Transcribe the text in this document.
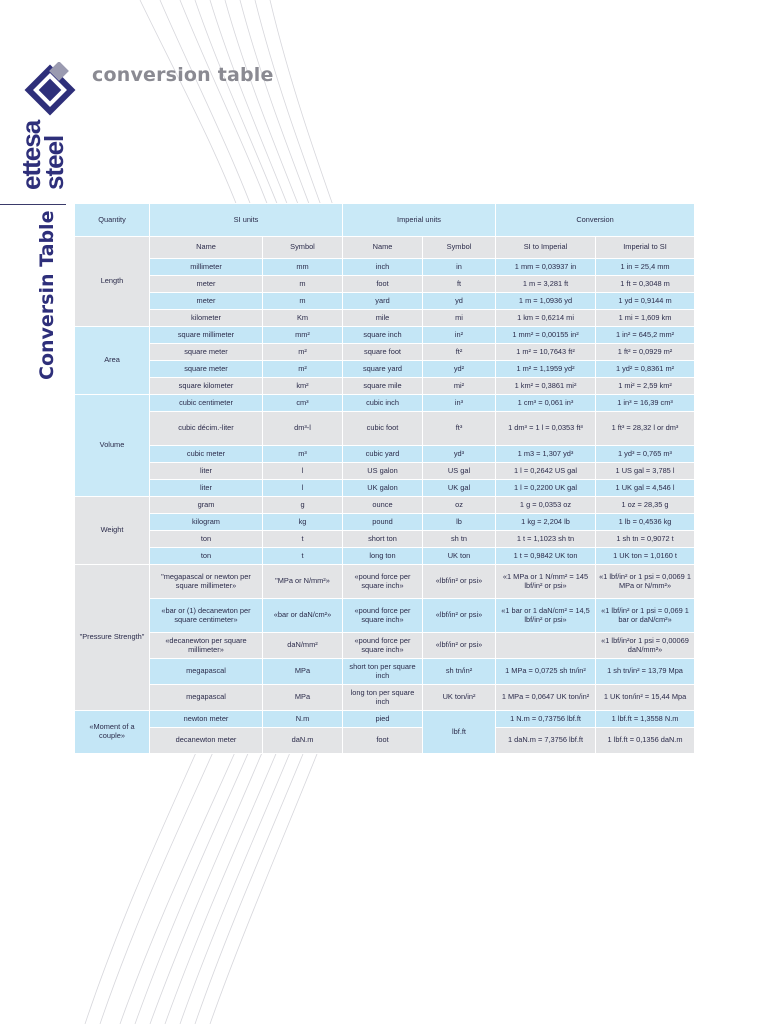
ettesa
steel
conversion table
Conversin Table	Quantity	SI units		Imperial units		Conversion	
Length	Name	Symbol	Name	Symbol	SI to Imperial	Imperial to SI
	millimeter	mm	inch	in	1 mm = 0,03937 in	1 in = 25,4 mm
	meter	m	foot	ft	1 m = 3,281 ft	1 ft = 0,3048 m
	meter	m	yard	yd	1 m = 1,0936 yd	1 yd = 0,9144 m
	kilometer	Km	mile	mi	1 km = 0,6214 mi	1 mi = 1,609 km
Area	square millimeter	mm²	square inch	in²	1 mm² = 0,00155 in²	1 in² = 645,2 mm²
	square meter	m²	square foot	ft²	1 m² = 10,7643 ft²	1 ft² = 0,0929 m²
	square meter	m²	square yard	yd²	1 m² = 1,1959 yd²	1 yd² = 0,8361 m²
	square kilometer	km²	square mile	mi²	1 km² = 0,3861 mi²	1 mi² = 2,59 km²
Volume	cubic centimeter	cm³	cubic inch	in³	1 cm³ = 0,061 in³	1 in³ = 16,39 cm³
	cubic décim.-liter	dm³-l	cubic foot	ft³	1 dm³ = 1 l = 0,0353 ft³	1 ft³ = 28,32 l or dm³
	cubic meter	m³	cubic yard	yd³	1 m3 = 1,307 yd³	1 yd³ = 0,765 m³
	liter	l	US galon	US gal	1 l = 0,2642 US gal	1 US gal = 3,785 l
	liter	l	UK galon	UK gal	1 l = 0,2200 UK gal	1 UK gal = 4,546 l
Weight	gram	g	ounce	oz	1 g = 0,0353 oz	1 oz = 28,35 g
	kilogram	kg	pound	lb	1 kg = 2,204 lb	1 lb = 0,4536 kg
	ton	t	short ton	sh tn	1 t = 1,1023 sh tn	1 sh tn = 0,9072 t
	ton	t	long ton	UK ton	1 t = 0,9842 UK ton	1 UK ton = 1,0160 t
"Pressure Strength"	"megapascal or newton per square millimeter»	"MPa or N/mm²»	«pound force per square inch»	«lbf/in² or psi»	«1 MPa or 1 N/mm² = 145 lbf/in² or psi»	«1 lbf/in² or 1 psi = 0,0069 1 MPa or N/mm²»
	«bar or (1) decanewton per square centimeter»	«bar or daN/cm²»	«pound force per square inch»	«lbf/in² or psi»	«1 bar or 1 daN/cm² = 14,5 lbf/in² or psi»	«1 lbf/in² or 1 psi = 0,069 1 bar or daN/cm²»
	«decanewton per square millimeter»	daN/mm²	«pound force per square inch»	«lbf/in² or psi»		«1 lbf/in²or 1 psi = 0,00069 daN/mm²»
	megapascal	MPa	short ton per square inch	sh tn/in²	1 MPa = 0,0725 sh tn/in²	1 sh tn/in² = 13,79 Mpa
	megapascal	MPa	long ton per square inch	UK ton/in²	1 MPa = 0,0647 UK ton/in²	1 UK ton/in² = 15,44 Mpa
«Moment of a couple»	newton meter	N.m	pied	lbf.ft	1 N.m = 0,73756 lbf.ft	1 lbf.ft = 1,3558 N.m
	decanewton meter	daN.m	foot		1 daN.m = 7,3756 lbf.ft	1 lbf.ft = 0,1356 daN.m
